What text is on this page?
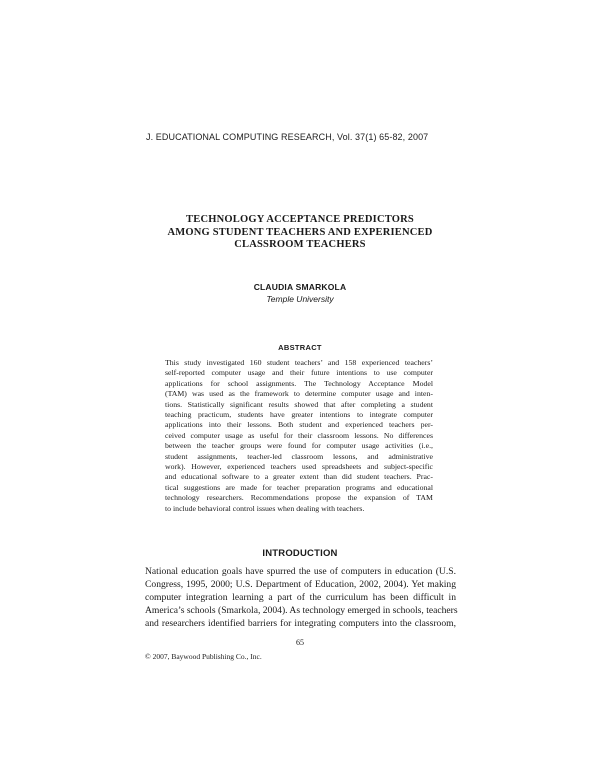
J. EDUCATIONAL COMPUTING RESEARCH, Vol. 37(1) 65-82, 2007
TECHNOLOGY ACCEPTANCE PREDICTORS
AMONG STUDENT TEACHERS AND EXPERIENCED
CLASSROOM TEACHERS
CLAUDIA SMARKOLA
Temple University
ABSTRACT
This study investigated 160 student teachers’ and 158 experienced teachers’
self-reported computer usage and their future intentions to use computer
applications for school assignments. The Technology Acceptance Model
(TAM) was used as the framework to determine computer usage and inten-
tions. Statistically significant results showed that after completing a student
teaching practicum, students have greater intentions to integrate computer
applications into their lessons. Both student and experienced teachers per-
ceived computer usage as useful for their classroom lessons. No differences
between the teacher groups were found for computer usage activities (i.e.,
student assignments, teacher-led classroom lessons, and administrative
work). However, experienced teachers used spreadsheets and subject-specific
and educational software to a greater extent than did student teachers. Prac-
tical suggestions are made for teacher preparation programs and educational
technology researchers. Recommendations propose the expansion of TAM
to include behavioral control issues when dealing with teachers.
INTRODUCTION
National education goals have spurred the use of computers in education (U.S.
Congress, 1995, 2000; U.S. Department of Education, 2002, 2004). Yet making
computer integration learning a part of the curriculum has been difficult in
America’s schools (Smarkola, 2004). As technology emerged in schools, teachers
and researchers identified barriers for integrating computers into the classroom,
65
© 2007, Baywood Publishing Co., Inc.
